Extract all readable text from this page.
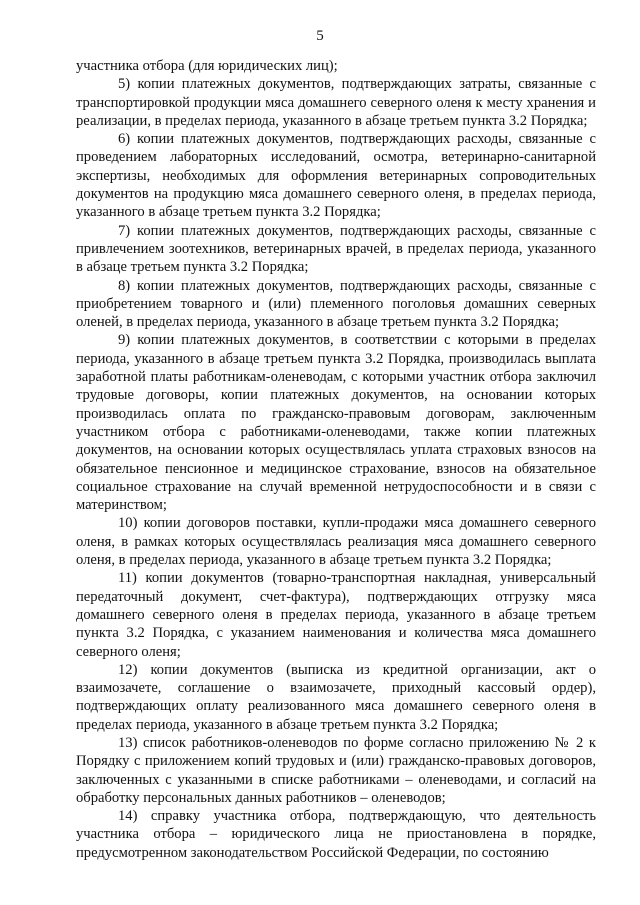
5

участника отбора (для юридических лиц);

5) копии платежных документов, подтверждающих затраты, связанные с транспортировкой продукции мяса домашнего северного оленя к месту хранения и реализации, в пределах периода, указанного в абзаце третьем пункта 3.2 Порядка;

6) копии платежных документов, подтверждающих расходы, связанные с проведением лабораторных исследований, осмотра, ветеринарно-санитарной экспертизы, необходимых для оформления ветеринарных сопроводительных документов на продукцию мяса домашнего северного оленя, в пределах периода, указанного в абзаце третьем пункта 3.2 Порядка;

7) копии платежных документов, подтверждающих расходы, связанные с привлечением зоотехников, ветеринарных врачей, в пределах периода, указанного в абзаце третьем пункта 3.2 Порядка;

8) копии платежных документов, подтверждающих расходы, связанные с приобретением товарного и (или) племенного поголовья домашних северных оленей, в пределах периода, указанного в абзаце третьем пункта 3.2 Порядка;

9) копии платежных документов, в соответствии с которыми в пределах периода, указанного в абзаце третьем пункта 3.2 Порядка, производилась выплата заработной платы работникам-оленеводам, с которыми участник отбора заключил трудовые договоры, копии платежных документов, на основании которых производилась оплата по гражданско-правовым договорам, заключенным участником отбора с работниками-оленеводами, также копии платежных документов, на основании которых осуществлялась уплата страховых взносов на обязательное пенсионное и медицинское страхование, взносов на обязательное социальное страхование на случай временной нетрудоспособности и в связи с материнством;

10) копии договоров поставки, купли-продажи мяса домашнего северного оленя, в рамках которых осуществлялась реализация мяса домашнего северного оленя, в пределах периода, указанного в абзаце третьем пункта 3.2 Порядка;

11) копии документов (товарно-транспортная накладная, универсальный передаточный документ, счет-фактура), подтверждающих отгрузку мяса домашнего северного оленя в пределах периода, указанного в абзаце третьем пункта 3.2 Порядка, с указанием наименования и количества мяса домашнего северного оленя;

12) копии документов (выписка из кредитной организации, акт о взаимозачете, соглашение о взаимозачете, приходный кассовый ордер), подтверждающих оплату реализованного мяса домашнего северного оленя в пределах периода, указанного в абзаце третьем пункта 3.2 Порядка;

13) список работников-оленеводов по форме согласно приложению № 2 к Порядку с приложением копий трудовых и (или) гражданско-правовых договоров, заключенных с указанными в списке работниками – оленеводами, и согласий на обработку персональных данных работников – оленеводов;

14) справку участника отбора, подтверждающую, что деятельность участника отбора – юридического лица не приостановлена в порядке, предусмотренном законодательством Российской Федерации, по состоянию
